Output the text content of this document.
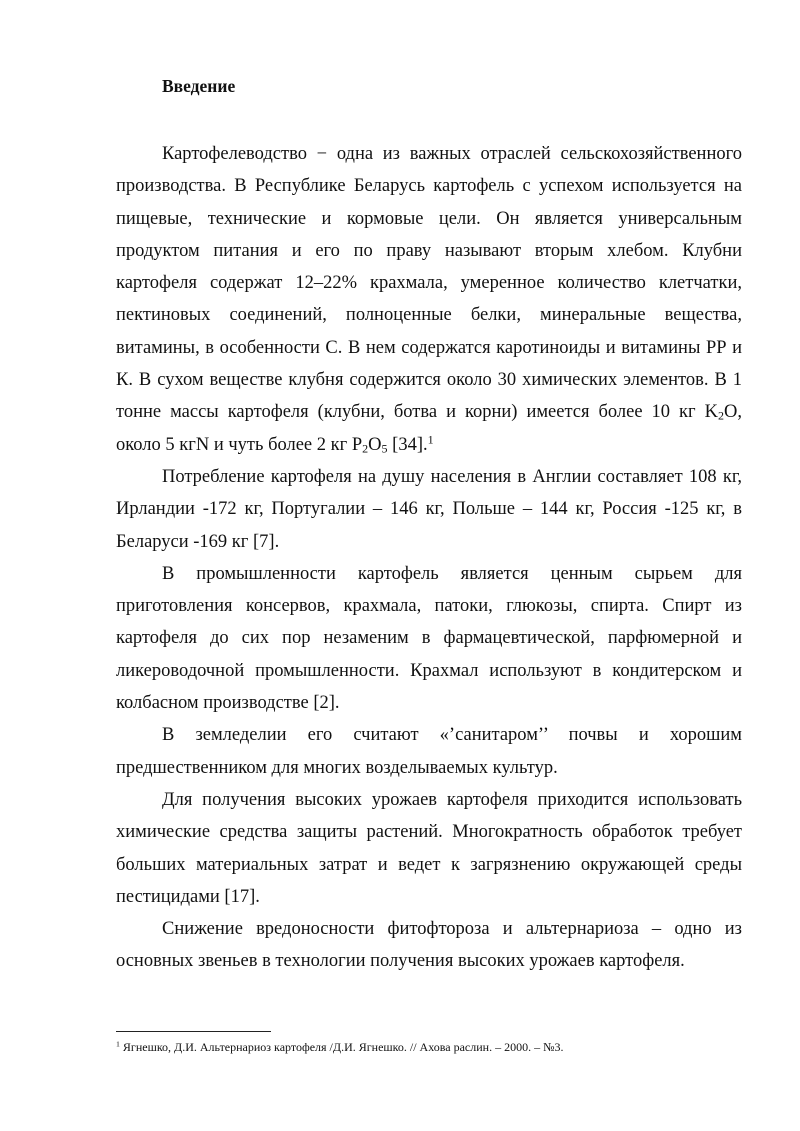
Введение

Картофелеводство − одна из важных отраслей сельскохозяйственного производства. В Республике Беларусь картофель с успехом используется на пищевые, технические и кормовые цели. Он является универсальным продуктом питания и его по праву называют вторым хлебом. Клубни картофеля содержат 12–22% крахмала, умеренное количество клетчатки, пектиновых соединений, полноценные белки, минеральные вещества, витамины, в особенности С. В нем содержатся каротиноиды и витамины РР и К. В сухом веществе клубня содержится около 30 химических элементов. В 1 тонне массы картофеля (клубни, ботва и корни) имеется более 10 кг $K_2O$, около 5 кгN и чуть более 2 кг $P_2O_5$ [34].$^1$

Потребление картофеля на душу населения в Англии составляет 108 кг, Ирландии -172 кг, Португалии – 146 кг, Польше – 144 кг, Россия -125 кг, в Беларуси -169 кг [7].

В промышленности картофель является ценным сырьем для приготовления консервов, крахмала, патоки, глюкозы, спирта. Спирт из картофеля до сих пор незаменим в фармацевтической, парфюмерной и ликероводочной промышленности. Крахмал используют в кондитерском и колбасном производстве [2].

В земледелии его считают «’санитаром’’ почвы и хорошим предшественником для многих возделываемых культур.

Для получения высоких урожаев картофеля приходится использовать химические средства защиты растений. Многократность обработок требует больших материальных затрат и ведет к загрязнению окружающей среды пестицидами [17].

Снижение вредоносности фитофтороза и альтернариоза – одно из основных звеньев в технологии получения высоких урожаев картофеля.

$^1$ Ягнешко, Д.И. Альтернариоз картофеля /Д.И. Ягнешко. // Ахова раслин. – 2000. – №3.
